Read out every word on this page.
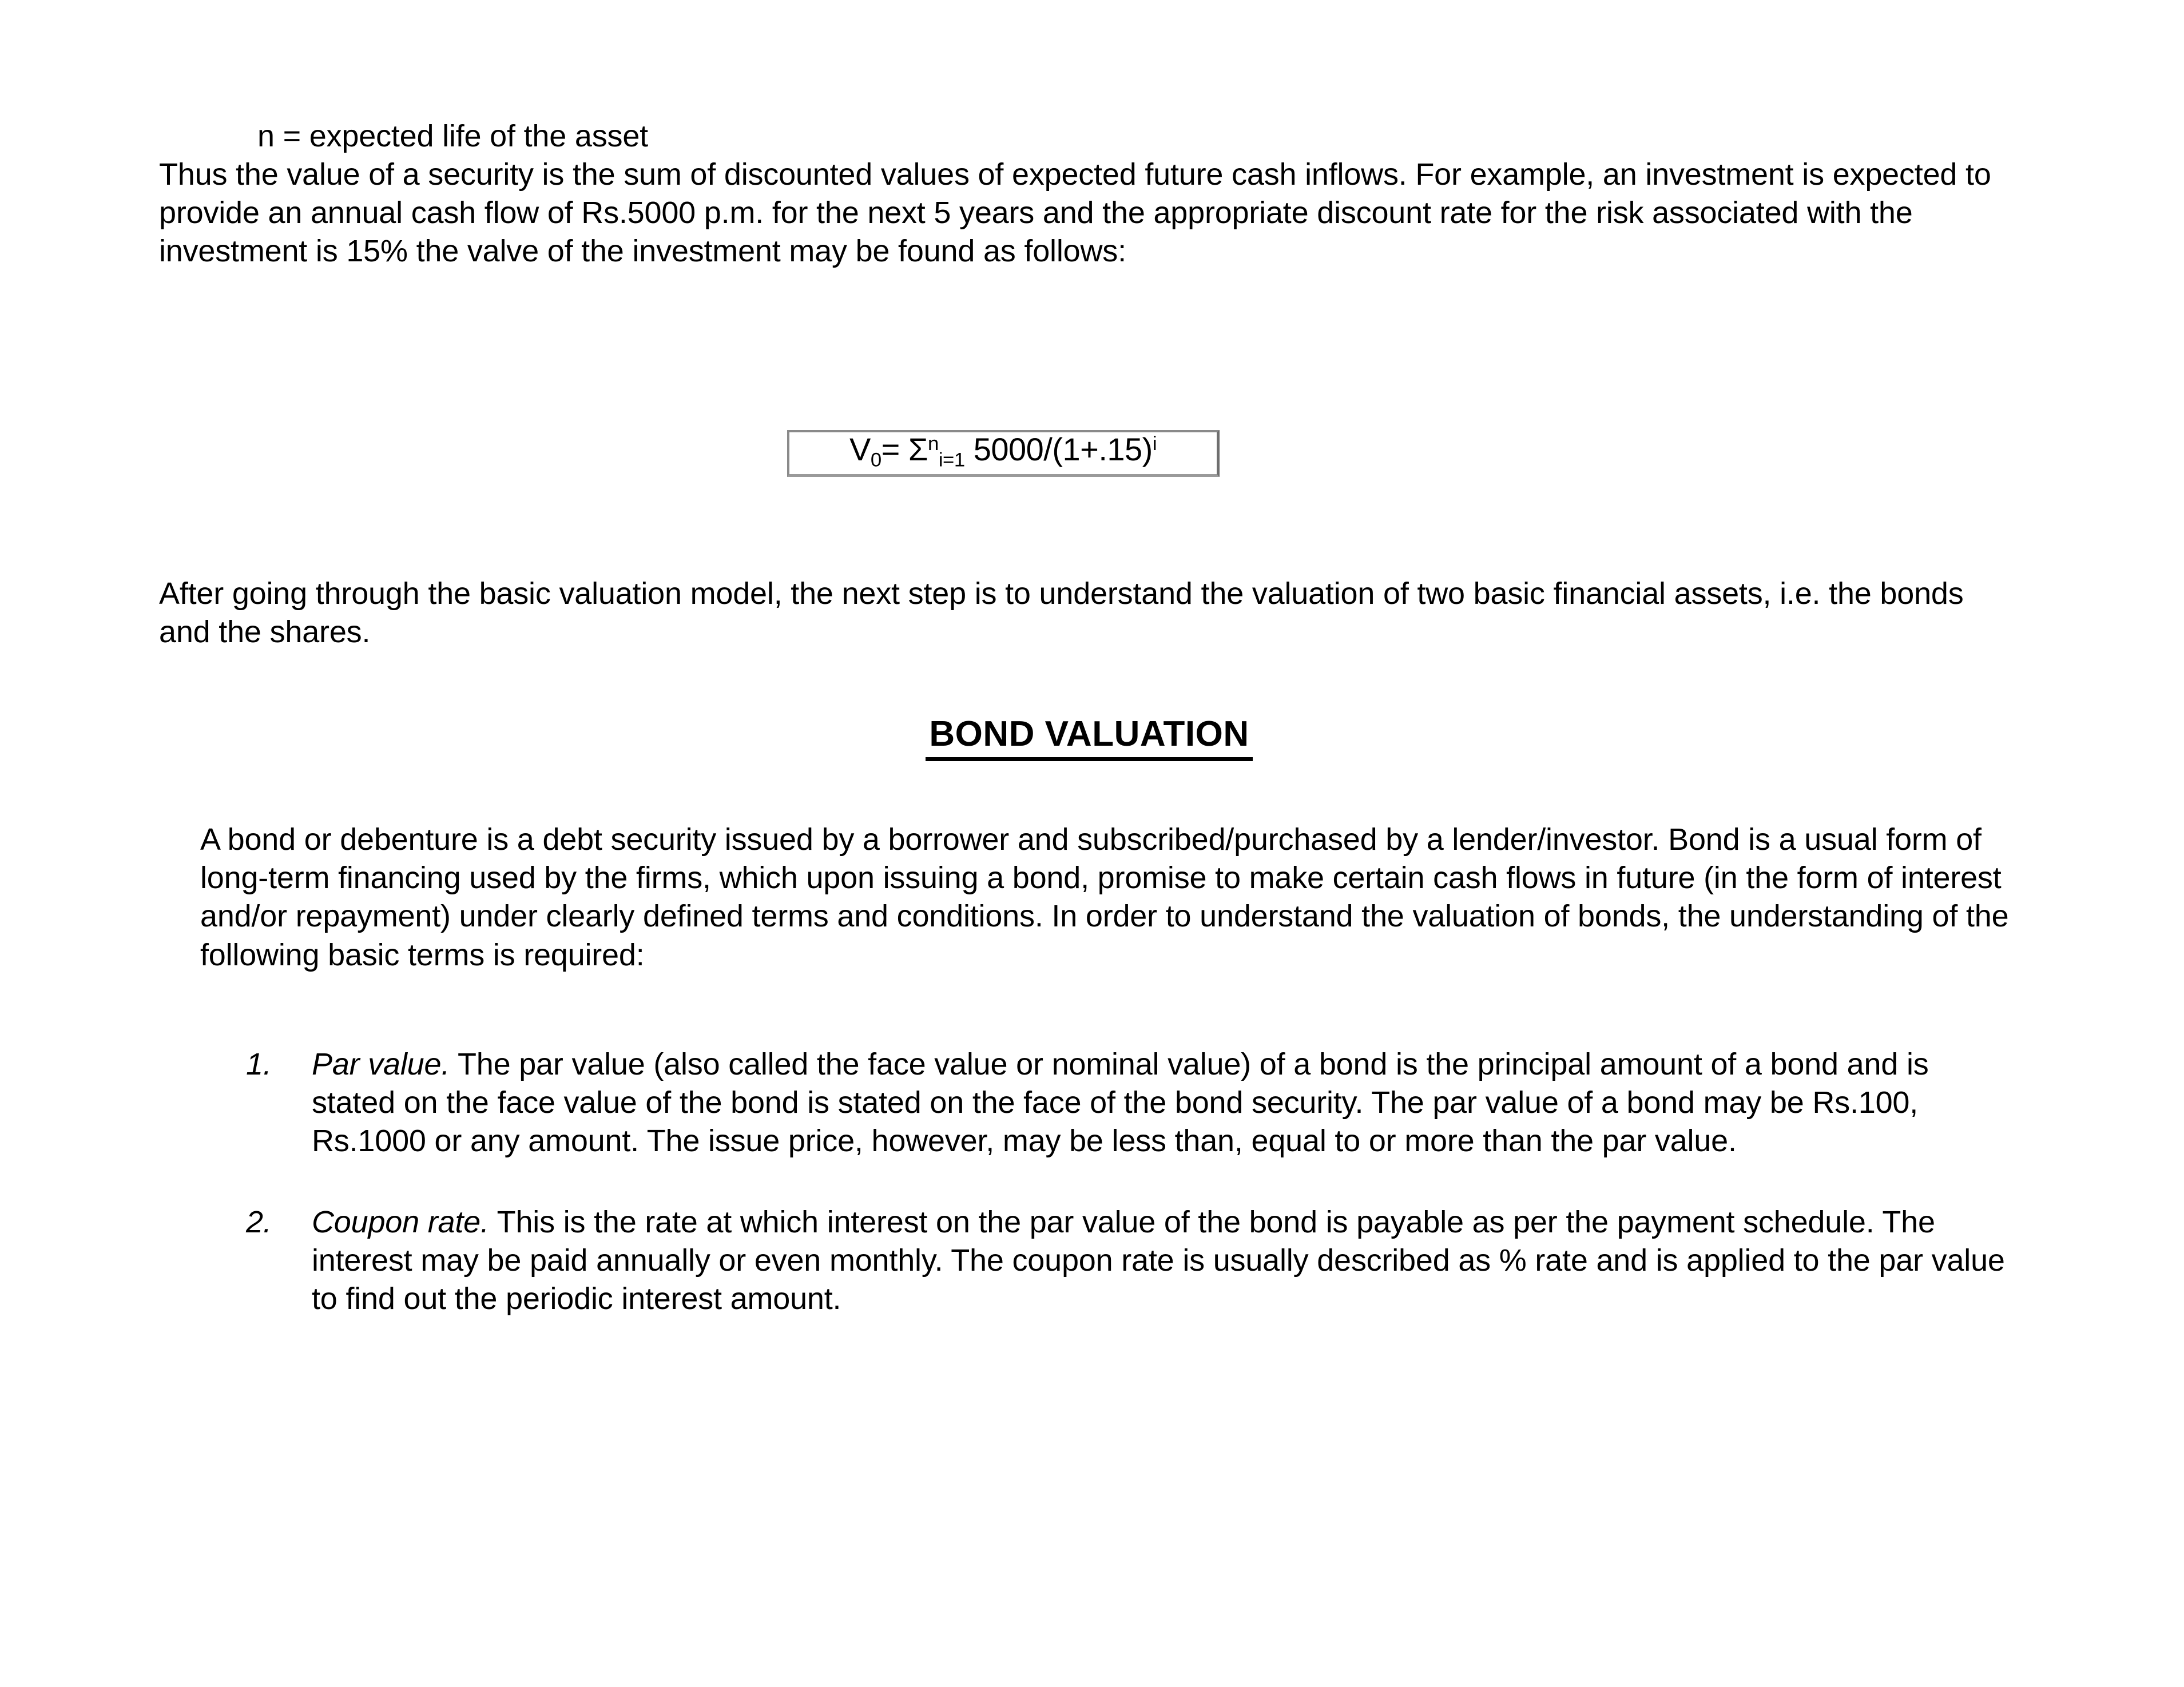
n = expected life of the asset
Thus the value of a security is the sum of discounted values of expected future cash inflows. For example, an investment is expected to provide an annual cash flow of Rs.5000 p.m. for the next 5 years and the appropriate discount rate for the risk associated with the investment is 15% the valve of the investment may be found as follows:
$V_0= \Sigma^n_{i=1}$ $5000/(1+.15)^i$
After going through the basic valuation model, the next step is to understand the valuation of two basic financial assets, i.e. the bonds and the shares.
BOND VALUATION
A bond or debenture is a debt security issued by a borrower and subscribed/purchased by a lender/investor. Bond is a usual form of long-term financing used by the firms, which upon issuing a bond, promise to make certain cash flows in future (in the form of interest and/or repayment) under clearly defined terms and conditions. In order to understand the valuation of bonds, the understanding of the following basic terms is required:
1.	Par value. The par value (also called the face value or nominal value) of a bond is the principal amount of a bond and is stated on the face value of the bond is stated on the face of the bond security. The par value of a bond may be Rs.100, Rs.1000 or any amount. The issue price, however, may be less than, equal to or more than the par value.
2.	Coupon rate. This is the rate at which interest on the par value of the bond is payable as per the payment schedule. The interest may be paid annually or even monthly. The coupon rate is usually described as % rate and is applied to the par value to find out the periodic interest amount.
